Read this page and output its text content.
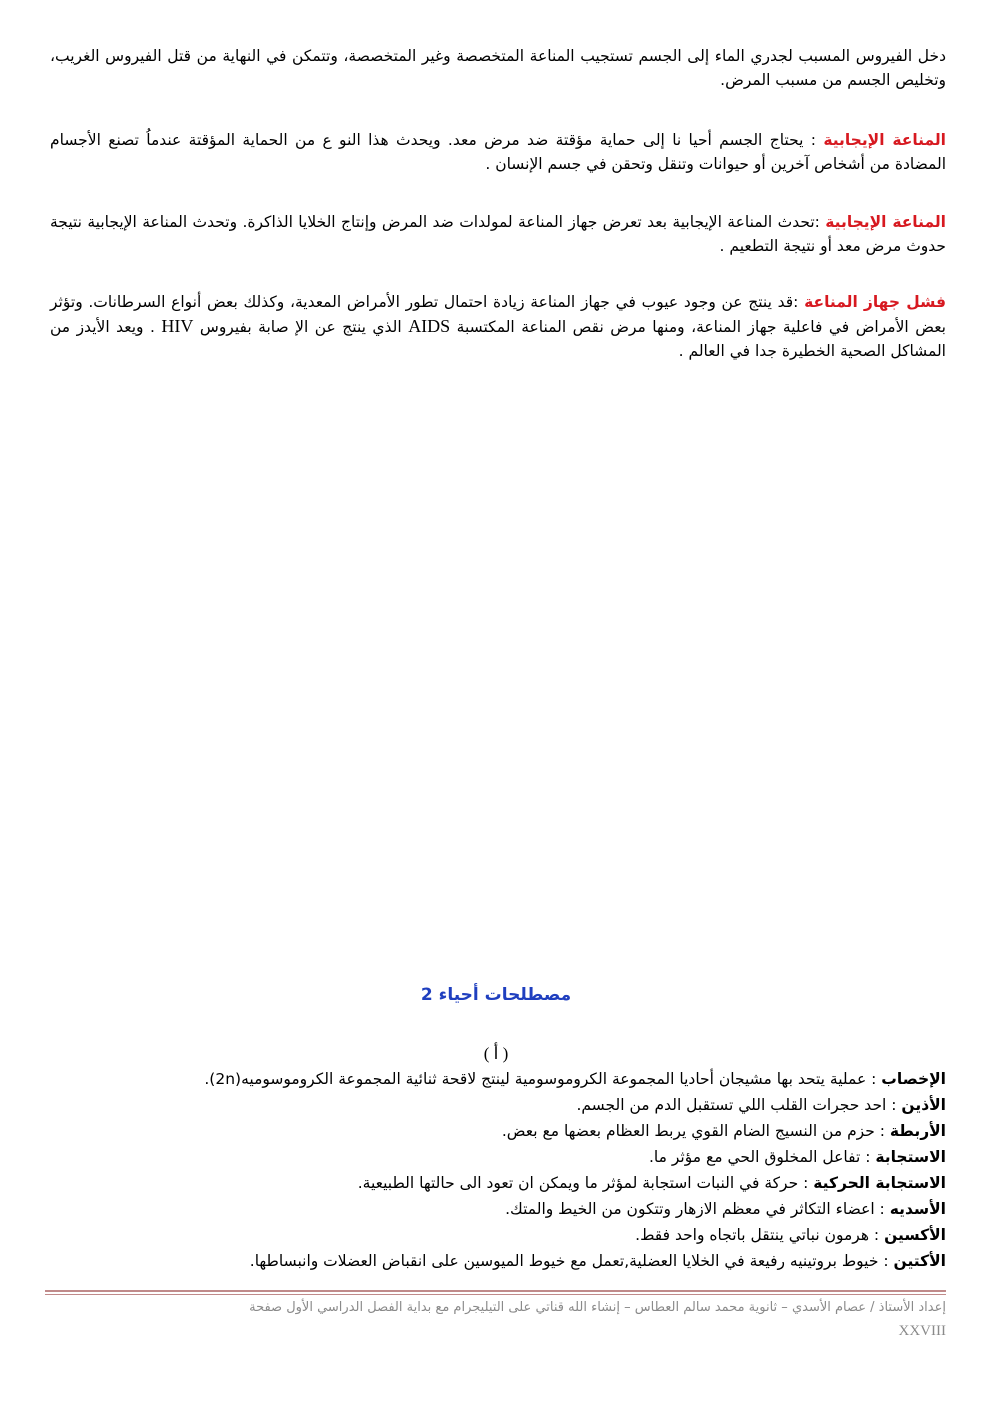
دخل الفيروس المسبب لجدري الماء إلى الجسم تستجيب المناعة المتخصصة وغير المتخصصة، وتتمكن في النهاية من قتل الفيروس الغريب، وتخليص الجسم من مسبب المرض.
المناعة الإيجابية : يحتاج الجسم أحيا نا إلى حماية مؤقتة ضد مرض معد. ويحدث هذا النو ع من الحماية المؤقتة عندماُ تصنع الأجسام المضادة من أشخاص آخرين أو حيوانات وتنقل وتحقن في جسم الإنسان .
المناعة الإيجابية :تحدث المناعة الإيجابية بعد تعرض جهاز المناعة لمولدات ضد المرض وإنتاج الخلايا الذاكرة. وتحدث المناعة الإيجابية نتيجة حدوث مرض معد أو نتيجة التطعيم .
فشل جهاز المناعة :قد ينتج عن وجود عيوب في جهاز المناعة زيادة احتمال تطور الأمراض المعدية، وكذلك بعض أنواع السرطانات. وتؤثر بعض الأمراض في فاعلية جهاز المناعة، ومنها مرض نقص المناعة المكتسبة AIDS الذي ينتج عن الإ صابة بفيروس HIV . ويعد الأيدز من المشاكل الصحية الخطيرة جدا في العالم .
مصطلحات أحياء 2
( أ )
الإخصاب : عملية يتحد بها مشيجان أحاديا المجموعة الكروموسومية لينتج لاقحة ثنائية المجموعة الكروموسوميه(2n).
الأذين : احد حجرات القلب اللي تستقبل الدم من الجسم.
الأربطة : حزم من النسيج الضام القوي يربط العظام بعضها مع بعض.
الاستجابة : تفاعل المخلوق الحي مع مؤثر ما.
الاستجابة الحركية : حركة في النبات استجابة لمؤثر ما ويمكن ان تعود الى حالتها الطبيعية.
الأسديه : اعضاء التكاثر في معظم الازهار وتتكون من الخيط والمتك.
الأكسين : هرمون نباتي ينتقل باتجاه واحد فقط.
الأكتين : خيوط بروتينيه رفيعة في الخلايا العضلية,تعمل مع خيوط الميوسين على انقباض العضلات وانبساطها.
إعداد الأستاذ / عصام الأسدي – ثانوية محمد سالم العطاس – إنشاء الله قناتي على التيليجرام مع بداية الفصل الدراسي الأول صفحة
XXVIII
